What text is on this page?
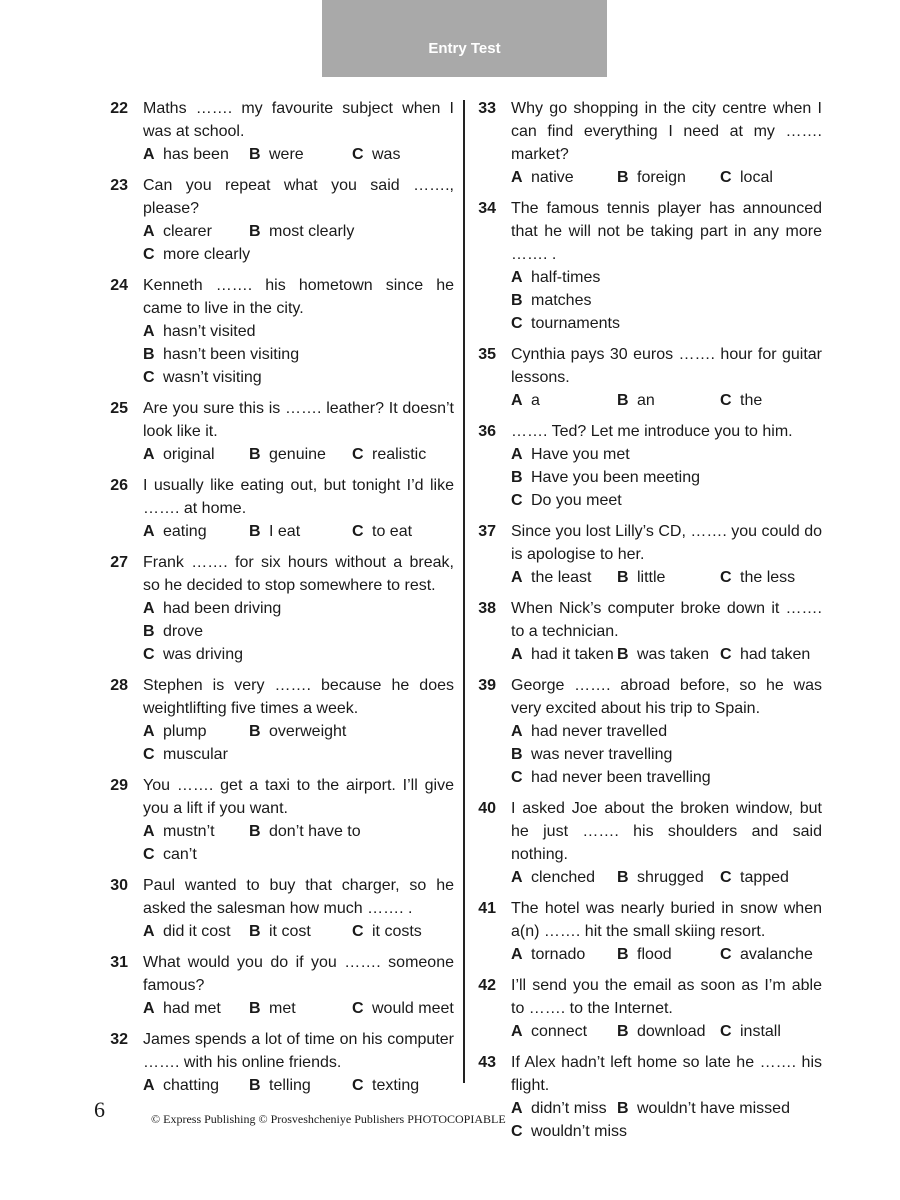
Entry Test
22 Maths ……. my favourite subject when I was at school.
A has been B were	C was
23 Can you repeat what you said ……., please?
A clearer B most clearly
C more clearly
24 Kenneth ……. his hometown since he came to live in the city.
A hasn’t visited
B hasn’t been visiting
C wasn’t visiting
25 Are you sure this is ……. leather? It doesn’t look like it.
A original B genuine C realistic
26 I usually like eating out, but tonight I’d like ……. at home.
A eating	B I eat	C to eat
27 Frank ……. for six hours without a break, so he decided to stop somewhere to rest.
A had been driving
B drove
C was driving
28 Stephen is very ……. because he does weightlifting five times a week.
A plump	B overweight
C muscular
29 You ……. get a taxi to the airport. I’ll give you a lift if you want.
A mustn’t B don’t have to
C can’t
30 Paul wanted to buy that charger, so he asked the salesman how much ……. .
A did it cost B it cost	C it costs
31 What would you do if you ……. someone famous?
A had met B met	C would meet
32 James spends a lot of time on his computer ……. with his online friends.
A chatting B telling	C texting
33 Why go shopping in the city centre when I can find everything I need at my ……. market?
A native	B foreign C local
34 The famous tennis player has announced that he will not be taking part in any more ……. .
A half-times
B matches
C tournaments
35 Cynthia pays 30 euros ……. hour for guitar lessons.
A a	B an	C the
36 ……. Ted? Let me introduce you to him.
A Have you met
B Have you been meeting
C Do you meet
37 Since you lost Lilly’s CD, ……. you could do is apologise to her.
A the least B little	C the less
38 When Nick’s computer broke down it ……. to a technician.
A had it taken B was taken C had taken
39 George ……. abroad before, so he was very excited about his trip to Spain.
A had never travelled
B was never travelling
C had never been travelling
40 I asked Joe about the broken window, but he just ……. his shoulders and said nothing.
A clenched B shrugged C tapped
41 The hotel was nearly buried in snow when a(n) ……. hit the small skiing resort.
A tornado B flood	C avalanche
42 I’ll send you the email as soon as I’m able to ……. to the Internet.
A connect B download C install
43 If Alex hadn’t left home so late he ……. his flight.
A didn’t miss B wouldn’t have missed
C wouldn’t miss
6	© Express Publishing © Prosveshcheniye Publishers PHOTOCOPIABLE
